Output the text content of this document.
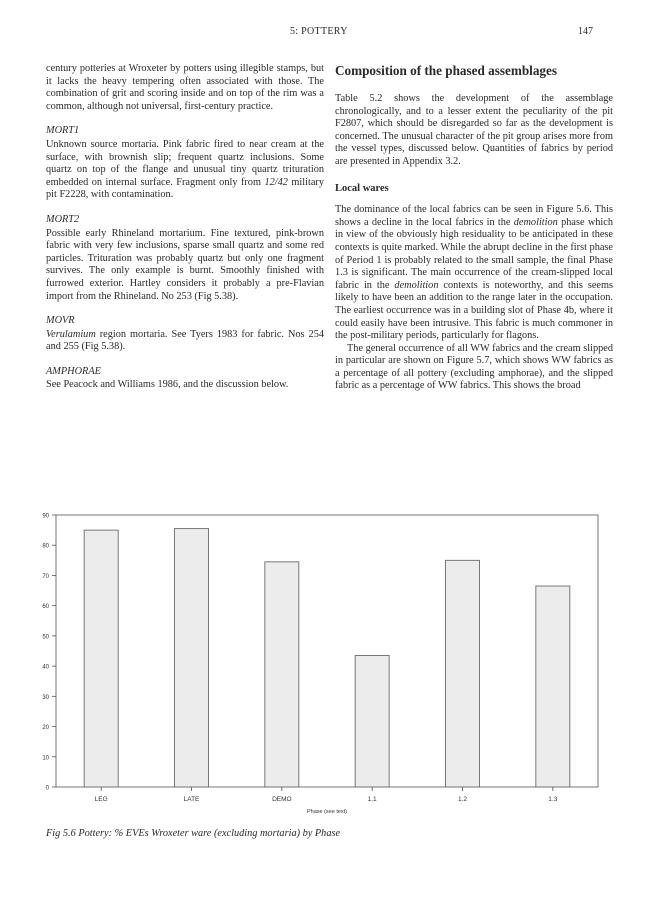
5: POTTERY	147

century potteries at Wroxeter by potters using illegible stamps, but it lacks the heavy tempering often associated with those. The combination of grit and scoring inside and on top of the rim was a common, although not universal, first-century practice.

MORT1

Unknown source mortaria. Pink fabric fired to near cream at the surface, with brownish slip; frequent quartz inclusions. Some quartz on top of the flange and unusual tiny quartz trituration embedded on internal surface. Fragment only from 12/42 military pit F2228, with contamination.

MORT2

Possible early Rhineland mortarium. Fine textured, pink-brown fabric with very few inclusions, sparse small quartz and some red particles. Trituration was probably quartz but only one fragment survives. The only example is burnt. Smoothly finished with furrowed exterior. Hartley considers it probably a pre-Flavian import from the Rhineland. No 253 (Fig 5.38).

MOVR

Verulamium region mortaria. See Tyers 1983 for fabric. Nos 254 and 255 (Fig 5.38).

AMPHORAE

See Peacock and Williams 1986, and the discussion below.

Composition of the phased assemblages

Table 5.2 shows the development of the assemblage chronologically, and to a lesser extent the peculiarity of the pit F2807, which should be disregarded so far as the development is concerned. The unusual character of the pit group arises more from the vessel types, discussed below. Quantities of fabrics by period are presented in Appendix 3.2.

Local wares

The dominance of the local fabrics can be seen in Figure 5.6. This shows a decline in the local fabrics in the demolition phase which in view of the obviously high residuality to be anticipated in these contexts is quite marked. While the abrupt decline in the first phase of Period 1 is probably related to the small sample, the final Phase 1.3 is significant. The main occurrence of the cream-slipped local fabric in the demolition contexts is noteworthy, and this seems likely to have been an addition to the range later in the occupation. The earliest occurrence was in a building slot of Phase 4b, where it could easily have been intrusive. This fabric is much commoner in the post-military periods, particularly for flagons.

The general occurrence of all WW fabrics and the cream slipped in particular are shown on Figure 5.7, which shows WW fabrics as a percentage of all pottery (excluding amphorae), and the slipped fabric as a percentage of WW fabrics. This shows the broad

0
10
20
30
40
50
60
70
80
90
LEG	LATE	DEMO	1.1	1.2	1.3
Phase (see text)
Fig 5.6 Pottery: % EVEs Wroxeter ware (excluding mortaria) by Phase
